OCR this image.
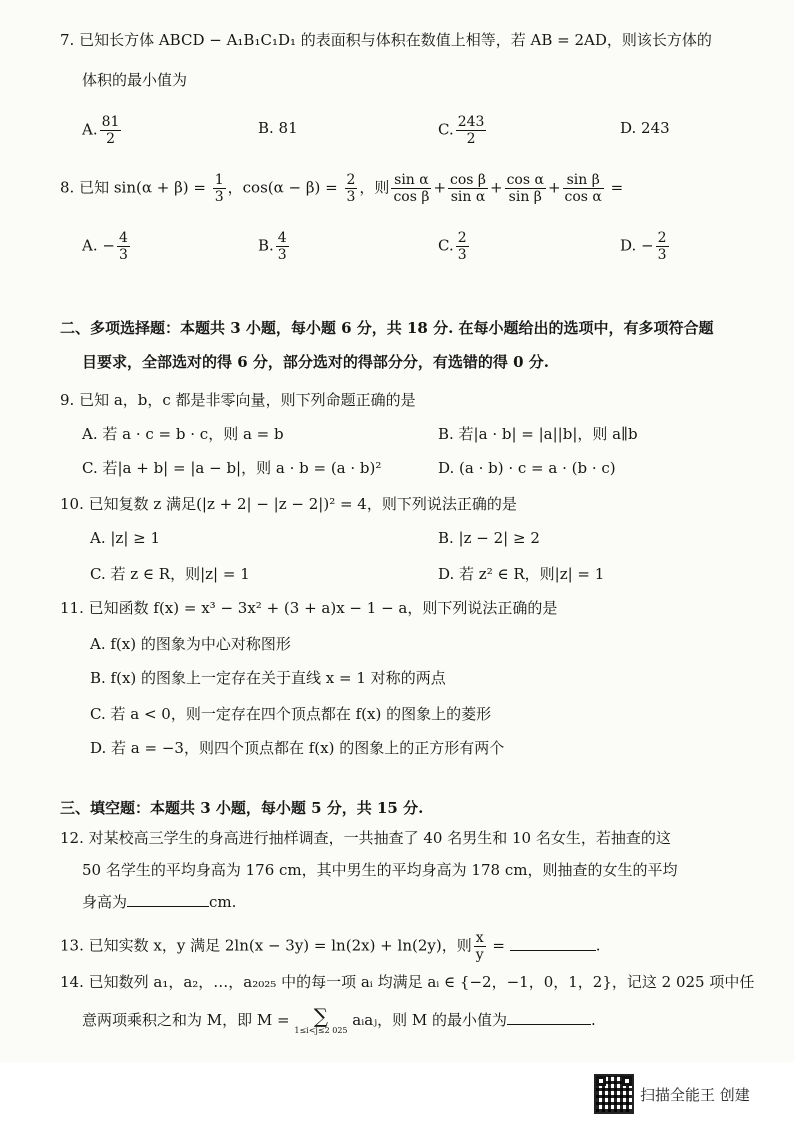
7. 已知长方体 ABCD − A₁B₁C₁D₁ 的表面积与体积在数值上相等，若 AB = 2AD，则该长方体的
体积的最小值为
A. $\frac{81}{2}$	B. 81	C. $\frac{243}{2}$	D. 243
8. 已知 $\sin(\alpha + \beta) = \frac{1}{3}$ ，$\cos(\alpha - \beta) = \frac{2}{3}$ ，则 $\frac{\text{sin α}}{\text{cos β}} + \frac{\text{cos β}}{\text{sin α}} + \frac{\text{cos α}}{\text{sin β}} + \frac{\text{sin β}}{\text{cos α}}$ =
A. − $\frac{4}{3}$	B. $\frac{4}{3}$	C. $\frac{2}{3}$	D. − $\frac{2}{3}$
二、多项选择题：本题共 3 小题，每小题 6 分，共 18 分. 在每小题给出的选项中，有多项符合题
目要求，全部选对的得 6 分，部分选对的得部分分，有选错的得 0 分.
9. 已知 a，b，c 都是非零向量，则下列命题正确的是
A. 若 a · c = b · c，则 a = b	B. 若|a · b| = |a||b|，则 a∥b
C. 若|a + b| = |a − b|，则 a · b = (a · b)²	D. (a · b) · c = a · (b · c)
10. 已知复数 z 满足(|z + 2| − |z − 2|)² = 4，则下列说法正确的是
A. |z| ≥ 1	B. |z − 2| ≥ 2
C. 若 z ∈ R，则|z| = 1	D. 若 z² ∈ R，则|z| = 1
11. 已知函数 f(x) = x³ − 3x² + (3 + a)x − 1 − a，则下列说法正确的是
A. f(x) 的图象为中心对称图形
B. f(x) 的图象上一定存在关于直线 x = 1 对称的两点
C. 若 a < 0，则一定存在四个顶点都在 f(x) 的图象上的菱形
D. 若 a = −3，则四个顶点都在 f(x) 的图象上的正方形有两个
三、填空题：本题共 3 小题，每小题 5 分，共 15 分.
12. 对某校高三学生的身高进行抽样调查，一共抽查了 40 名男生和 10 名女生，若抽查的这
50 名学生的平均身高为 176 cm，其中男生的平均身高为 178 cm，则抽查的女生的平均
身高为	cm.
13. 已知实数 x，y 满足 2ln(x − 3y) = ln(2x) + ln(2y)，则 $\frac{x}{y}$ =	.
14. 已知数列 a₁，a₂，…，a₂₀₂₅ 中的每一项 aᵢ 均满足 aᵢ ∈ {−2，−1，0，1，2}，记这 2 025 项中任
意两项乘积之和为 M，即 M = ∑
1≤i<j≤2 025
aᵢaⱼ，则 M 的最小值为	.
扫描全能王 创建
